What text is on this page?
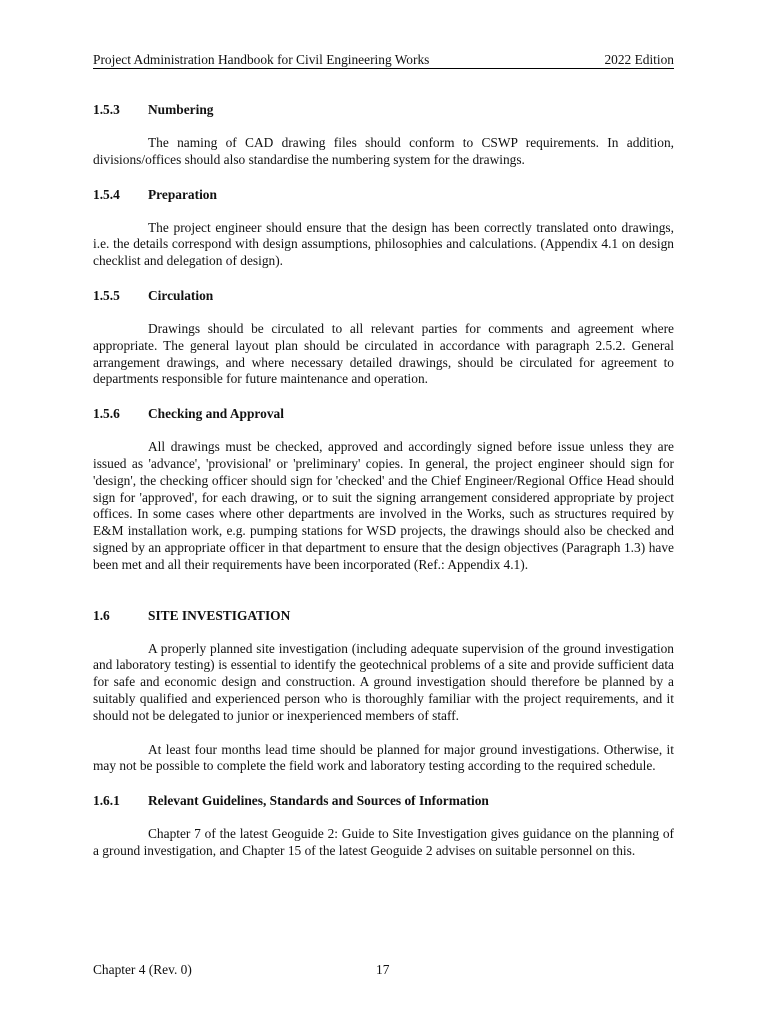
Project Administration Handbook for Civil Engineering Works	2022 Edition
1.5.3	Numbering

The naming of CAD drawing files should conform to CSWP requirements. In addition, divisions/offices should also standardise the numbering system for the drawings.

1.5.4	Preparation

The project engineer should ensure that the design has been correctly translated onto drawings, i.e. the details correspond with design assumptions, philosophies and calculations. (Appendix 4.1 on design checklist and delegation of design).

1.5.5	Circulation

Drawings should be circulated to all relevant parties for comments and agreement where appropriate. The general layout plan should be circulated in accordance with paragraph 2.5.2. General arrangement drawings, and where necessary detailed drawings, should be circulated for agreement to departments responsible for future maintenance and operation.

1.5.6	Checking and Approval

All drawings must be checked, approved and accordingly signed before issue unless they are issued as 'advance', 'provisional' or 'preliminary' copies. In general, the project engineer should sign for 'design', the checking officer should sign for 'checked' and the Chief Engineer/Regional Office Head should sign for 'approved', for each drawing, or to suit the signing arrangement considered appropriate by project offices. In some cases where other departments are involved in the Works, such as structures required by E&M installation work, e.g. pumping stations for WSD projects, the drawings should also be checked and signed by an appropriate officer in that department to ensure that the design objectives (Paragraph 1.3) have been met and all their requirements have been incorporated (Ref.: Appendix 4.1).

1.6	SITE INVESTIGATION

A properly planned site investigation (including adequate supervision of the ground investigation and laboratory testing) is essential to identify the geotechnical problems of a site and provide sufficient data for safe and economic design and construction. A ground investigation should therefore be planned by a suitably qualified and experienced person who is thoroughly familiar with the project requirements, and it should not be delegated to junior or inexperienced members of staff.

At least four months lead time should be planned for major ground investigations. Otherwise, it may not be possible to complete the field work and laboratory testing according to the required schedule.

1.6.1	Relevant Guidelines, Standards and Sources of Information

Chapter 7 of the latest Geoguide 2: Guide to Site Investigation gives guidance on the planning of a ground investigation, and Chapter 15 of the latest Geoguide 2 advises on suitable personnel on this.

Chapter 4 (Rev. 0)	17
